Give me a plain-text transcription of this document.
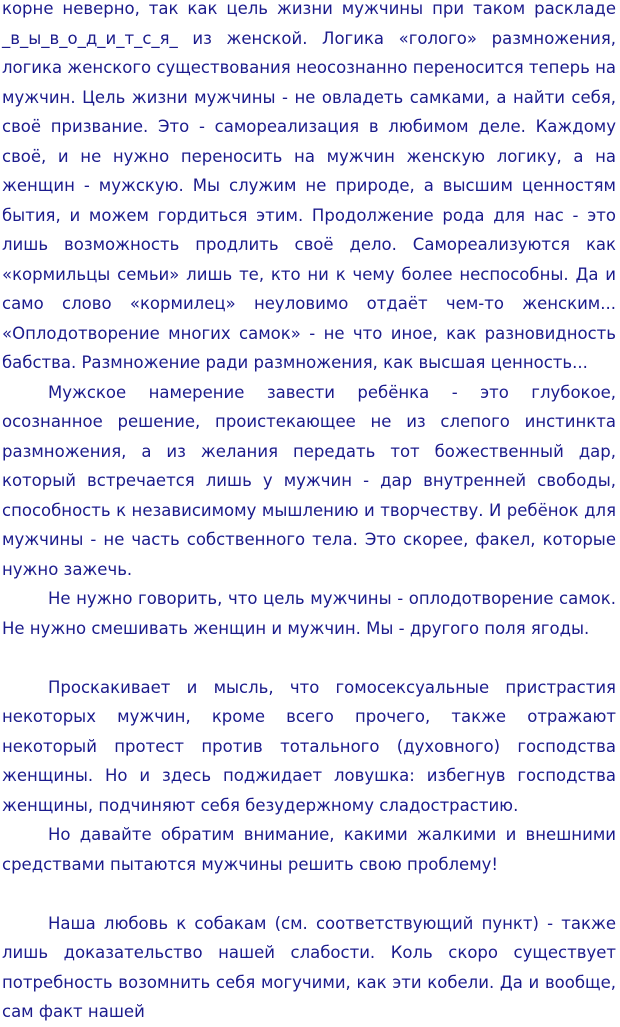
корне неверно, так как цель жизни мужчины при таком раскладе _в_ы_в_о_д_и_т_с_я_ из женской. Логика «голого» размножения, логика женского существования неосознанно переносится теперь на мужчин. Цель жизни мужчины - не овладеть самками, а найти себя, своё призвание. Это - самореализация в любимом деле. Каждому своё, и не нужно переносить на мужчин женскую логику, а на женщин - мужскую. Мы служим не природе, а высшим ценностям бытия, и можем гордиться этим. Продолжение рода для нас - это лишь возможность продлить своё дело. Самореализуются как «кормильцы семьи» лишь те, кто ни к чему более неспособны. Да и само слово «кормилец» неуловимо отдаёт чем-то женским... «Оплодотворение многих самок» - не что иное, как разновидность бабства. Размножение ради размножения, как высшая ценность...

Мужское намерение завести ребёнка - это глубокое, осознанное решение, проистекающее не из слепого инстинкта размножения, а из желания передать тот божественный дар, который встречается лишь у мужчин - дар внутренней свободы, способность к независимому мышлению и творчеству. И ребёнок для мужчины - не часть собственного тела. Это скорее, факел, которые нужно зажечь.

Не нужно говорить, что цель мужчины - оплодотворение самок. Не нужно смешивать женщин и мужчин. Мы - другого поля ягоды.

Проскакивает и мысль, что гомосексуальные пристрастия некоторых мужчин, кроме всего прочего, также отражают некоторый протест против тотального (духовного) господства женщины. Но и здесь поджидает ловушка: избегнув господства женщины, подчиняют себя безудержному сладострастию.

Но давайте обратим внимание, какими жалкими и внешними средствами пытаются мужчины решить свою проблему!

Наша любовь к собакам (см. соответствующий пункт) - также лишь доказательство нашей слабости. Коль скоро существует потребность возомнить себя могучими, как эти кобели. Да и вообще, сам факт нашей
